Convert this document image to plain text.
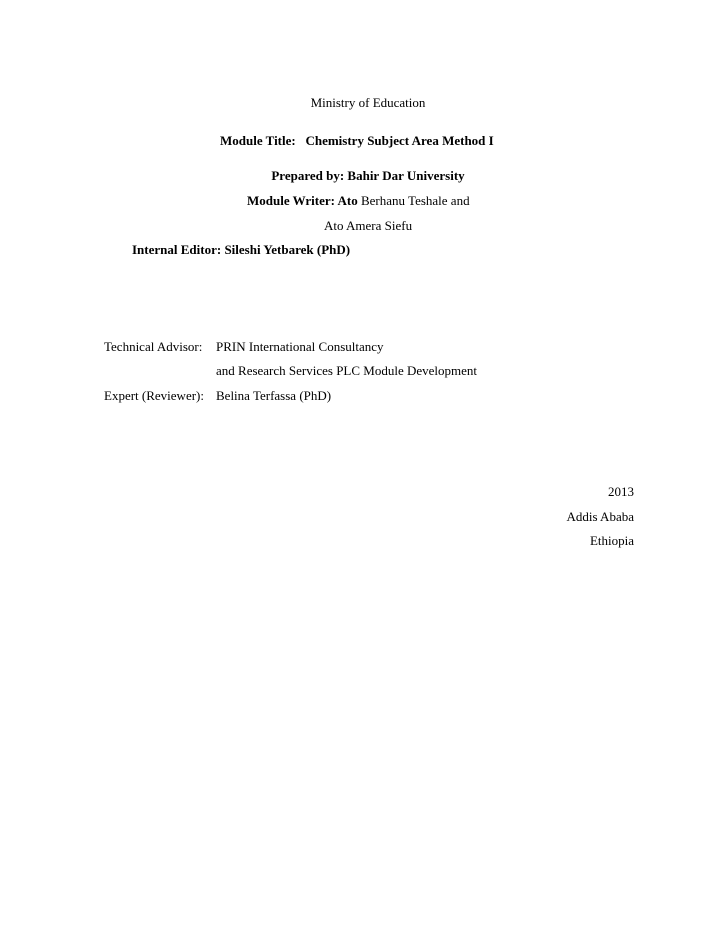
Ministry of Education
Module Title: Chemistry Subject Area Method I
Prepared by: Bahir Dar University
Module Writer: Ato Berhanu Teshale and
Ato Amera Siefu
Internal Editor: Sileshi Yetbarek (PhD)
Technical Advisor: PRIN International Consultancy
and Research Services PLC Module Development
Expert (Reviewer): Belina Terfassa (PhD)
2013
Addis Ababa
Ethiopia
